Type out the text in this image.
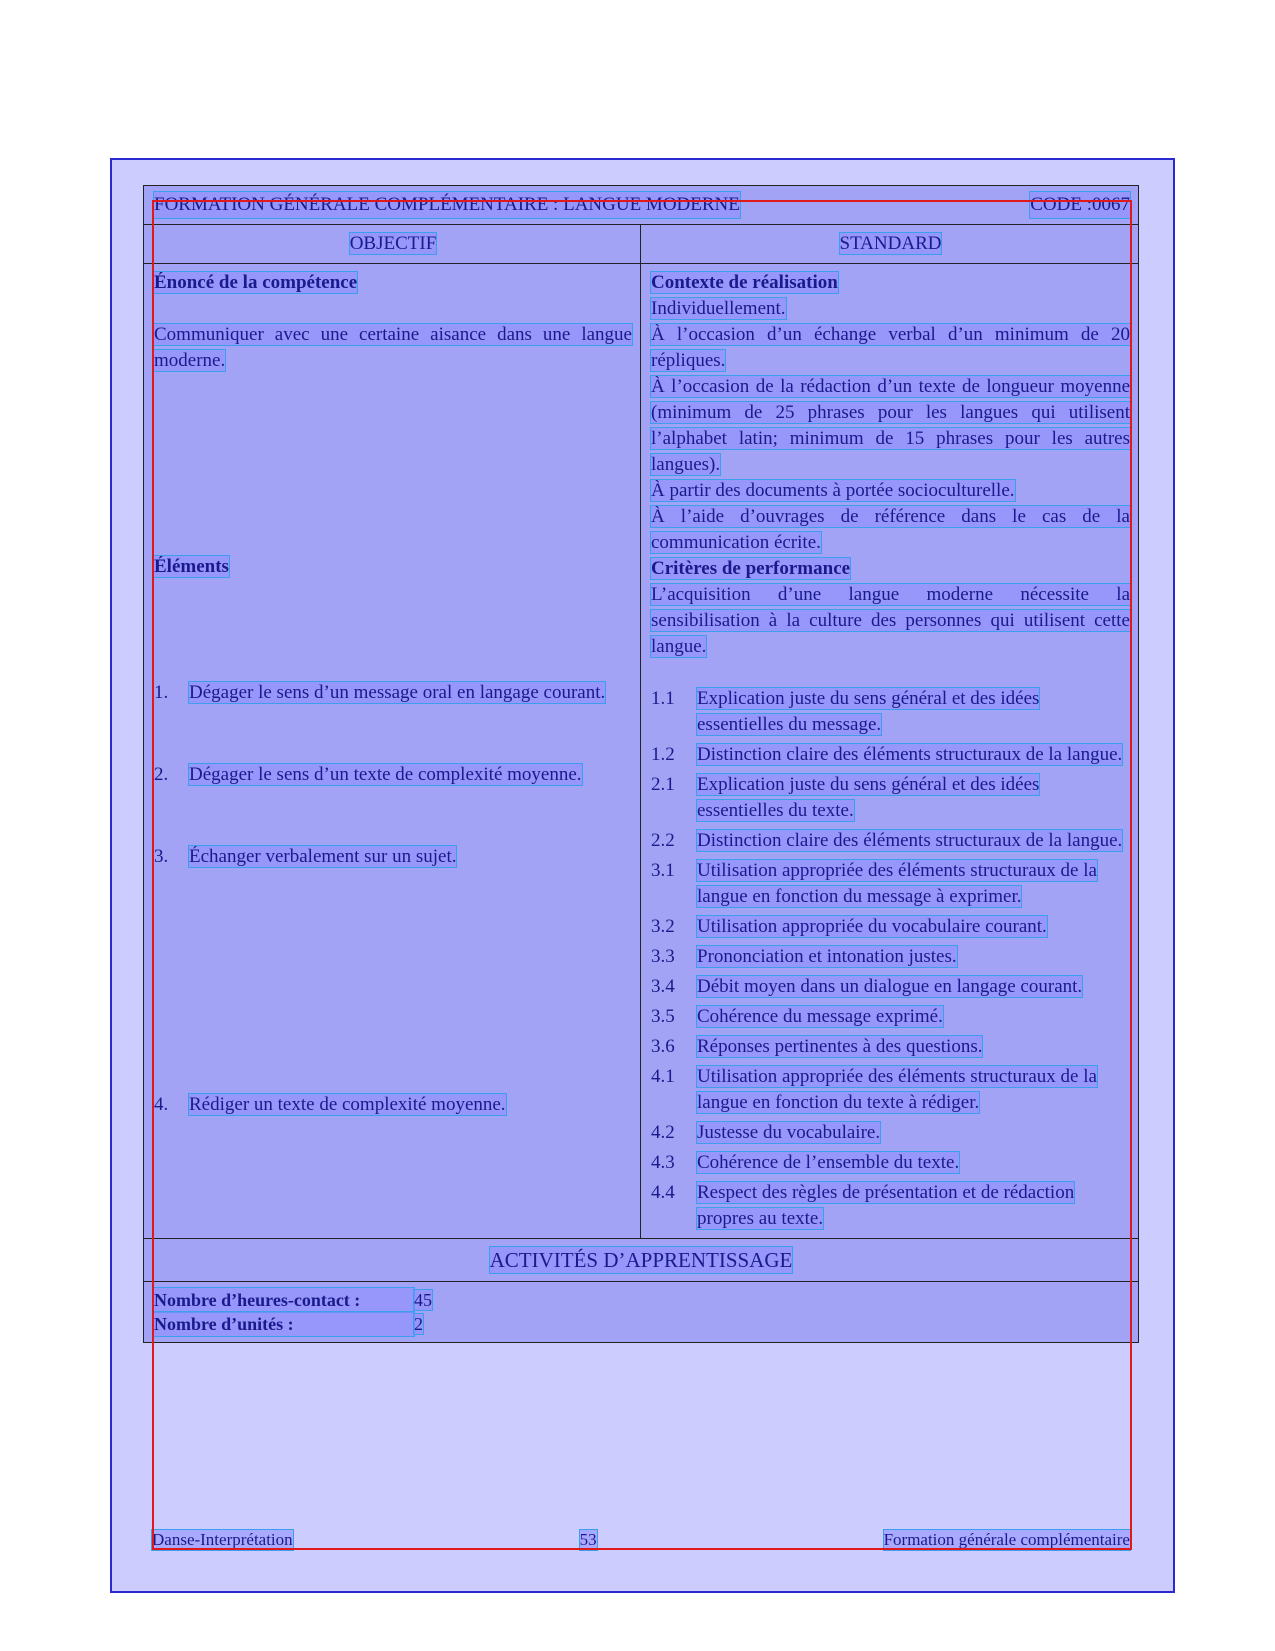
FORMATION GÉNÉRALE COMPLÉMENTAIRE : LANGUE MODERNE	CODE :0067
OBJECTIF	STANDARD
Énoncé de la compétence
Communiquer avec une certaine aisance dans une langue moderne.
Éléments
1.	Dégager le sens d’un message oral en langage courant.
2.	Dégager le sens d’un texte de complexité moyenne.
3.	Échanger verbalement sur un sujet.
4.	Rédiger un texte de complexité moyenne.
Contexte de réalisation
Individuellement.
À l’occasion d’un échange verbal d’un minimum de 20 répliques.
À l’occasion de la rédaction d’un texte de longueur moyenne (minimum de 25 phrases pour les langues qui utilisent l’alphabet latin; minimum de 15 phrases pour les autres langues).
À partir des documents à portée socioculturelle.
À l’aide d’ouvrages de référence dans le cas de la communication écrite.
Critères de performance
L’acquisition d’une langue moderne nécessite la sensibilisation à la culture des personnes qui utilisent cette langue.
1.1	Explication juste du sens général et des idées essentielles du message.
1.2	Distinction claire des éléments structuraux de la langue.
2.1	Explication juste du sens général et des idées essentielles du texte.
2.2	Distinction claire des éléments structuraux de la langue.
3.1	Utilisation appropriée des éléments structuraux de la langue en fonction du message à exprimer.
3.2	Utilisation appropriée du vocabulaire courant.
3.3	Prononciation et intonation justes.
3.4	Débit moyen dans un dialogue en langage courant.
3.5	Cohérence du message exprimé.
3.6	Réponses pertinentes à des questions.
4.1	Utilisation appropriée des éléments structuraux de la langue en fonction du texte à rédiger.
4.2	Justesse du vocabulaire.
4.3	Cohérence de l’ensemble du texte.
4.4	Respect des règles de présentation et de rédaction propres au texte.
ACTIVITÉS D’APPRENTISSAGE
Nombre d’heures-contact :	45
Nombre d’unités :	2
Danse-Interprétation	53	Formation générale complémentaire
